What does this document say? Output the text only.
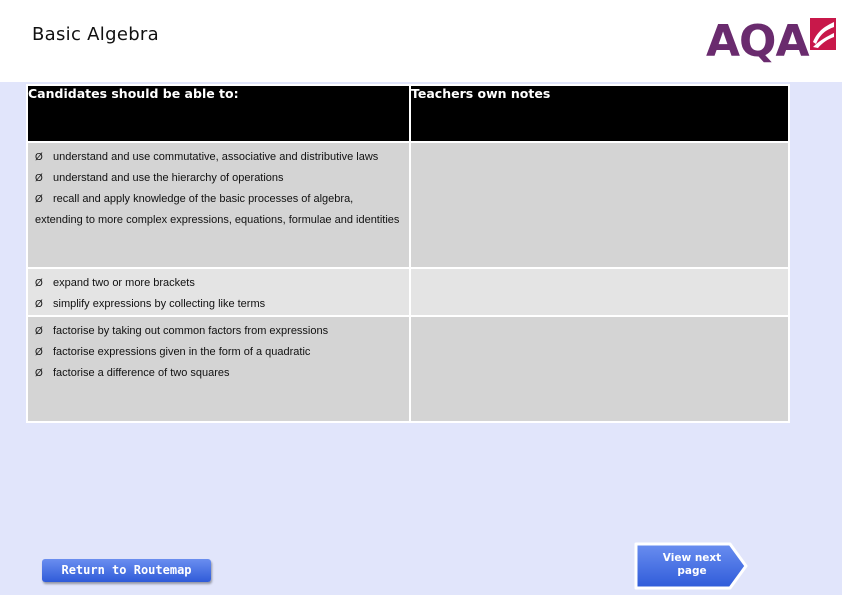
Basic Algebra	AQA
Candidates should be able to:	Teachers own notes

Ø understand and use commutative, associative and distributive laws
Ø understand and use the hierarchy of operations
Ø recall and apply knowledge of the basic processes of algebra, extending to more complex expressions, equations, formulae and identities	

Ø expand two or more brackets
Ø simplify expressions by collecting like terms	

Ø factorise by taking out common factors from expressions
Ø factorise expressions given in the form of a quadratic
Ø factorise a difference of two squares	

Return to Routemap
View next
page
